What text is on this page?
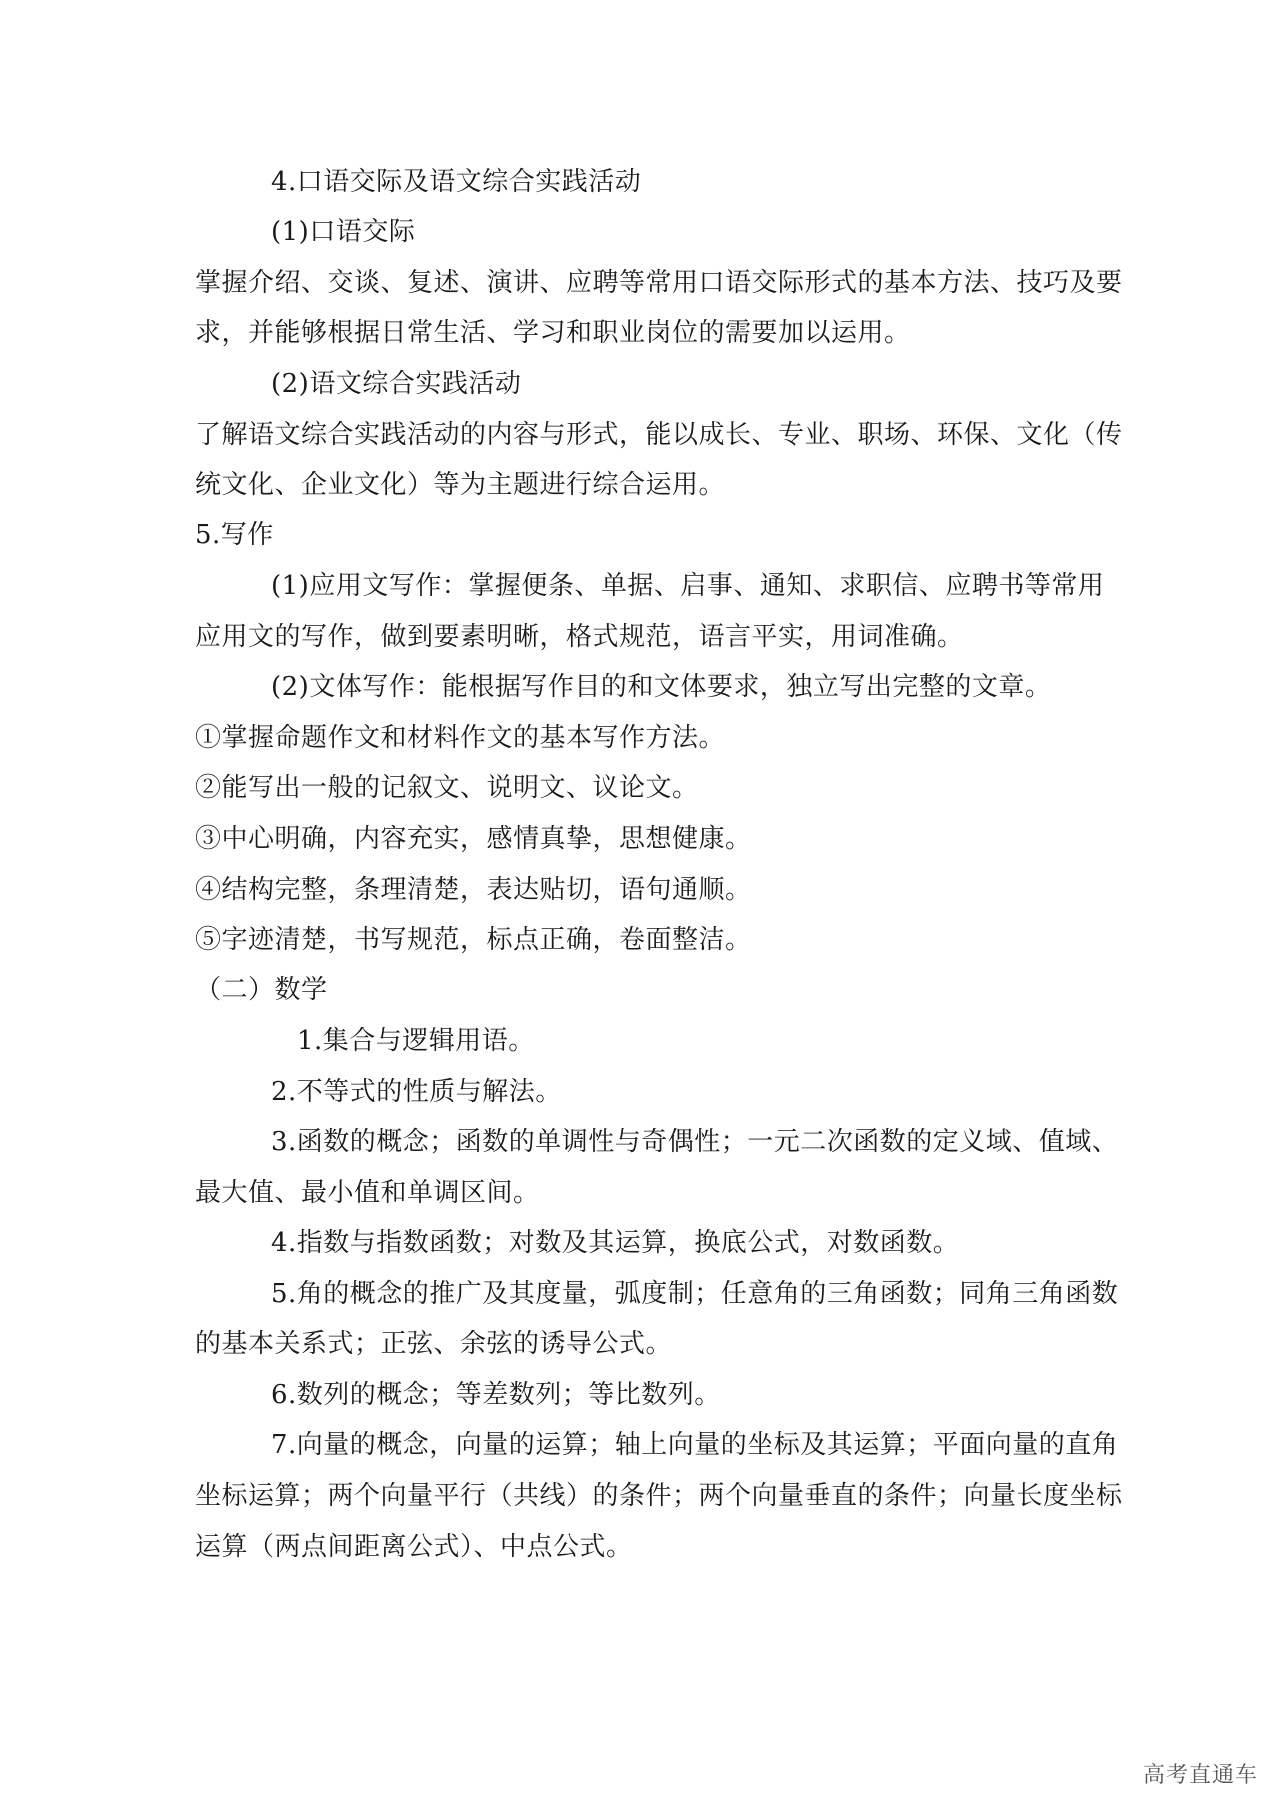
4.口语交际及语文综合实践活动
(1)口语交际
掌握介绍、交谈、复述、演讲、应聘等常用口语交际形式的基本方法、技巧及要
求，并能够根据日常生活、学习和职业岗位的需要加以运用。
(2)语文综合实践活动
了解语文综合实践活动的内容与形式，能以成长、专业、职场、环保、文化（传
统文化、企业文化）等为主题进行综合运用。
5.写作
(1)应用文写作：掌握便条、单据、启事、通知、求职信、应聘书等常用
应用文的写作，做到要素明晰，格式规范，语言平实，用词准确。
(2)文体写作：能根据写作目的和文体要求，独立写出完整的文章。
①掌握命题作文和材料作文的基本写作方法。
②能写出一般的记叙文、说明文、议论文。
③中心明确，内容充实，感情真挚，思想健康。
④结构完整，条理清楚，表达贴切，语句通顺。
⑤字迹清楚，书写规范，标点正确，卷面整洁。
（二）数学
1.集合与逻辑用语。
2.不等式的性质与解法。
3.函数的概念；函数的单调性与奇偶性；一元二次函数的定义域、值域、
最大值、最小值和单调区间。
4.指数与指数函数；对数及其运算，换底公式，对数函数。
5.角的概念的推广及其度量，弧度制；任意角的三角函数；同角三角函数
的基本关系式；正弦、余弦的诱导公式。
6.数列的概念；等差数列；等比数列。
7.向量的概念，向量的运算；轴上向量的坐标及其运算；平面向量的直角
坐标运算；两个向量平行（共线）的条件；两个向量垂直的条件；向量长度坐标
运算（两点间距离公式）、中点公式。
高考直通车
